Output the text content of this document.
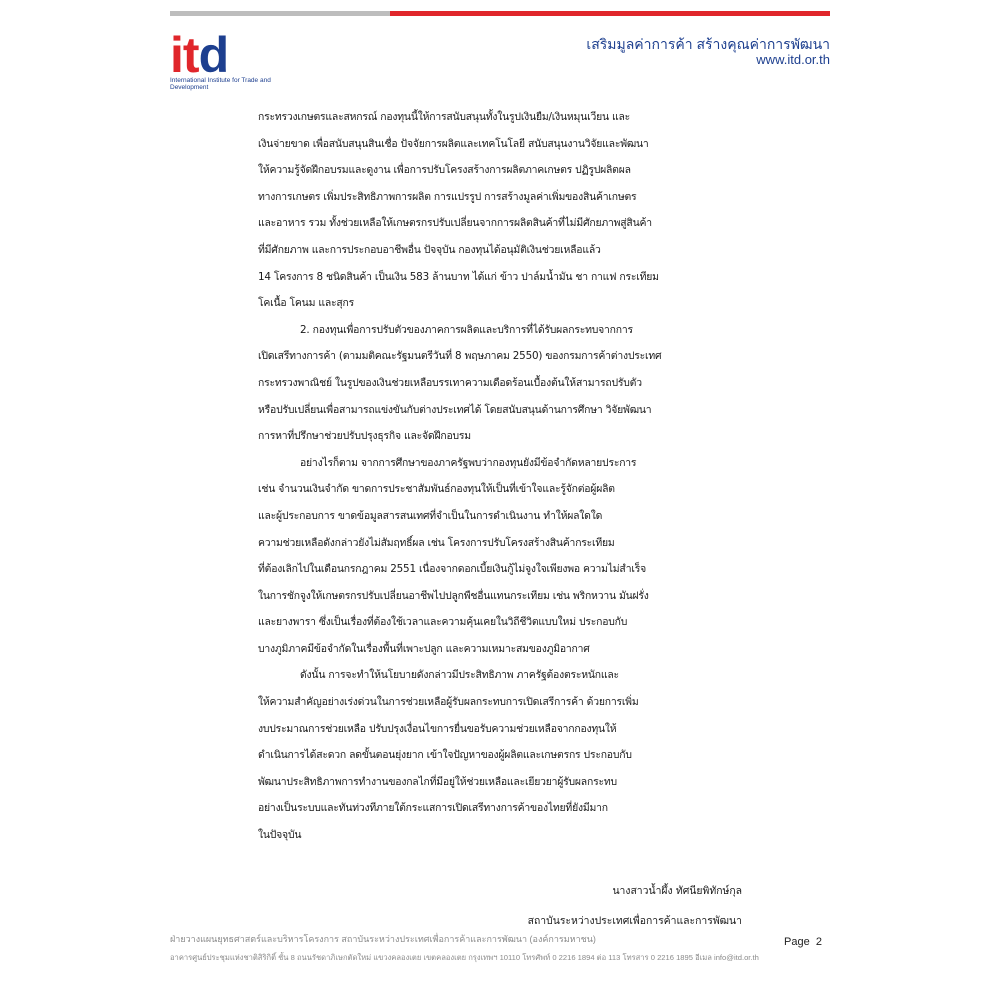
itd
International Institute for Trade and Development
เสริมมูลค่าการค้า สร้างคุณค่าการพัฒนา
www.itd.or.th

กระทรวงเกษตรและสหกรณ์ กองทุนนี้ให้การสนับสนุนทั้งในรูปเงินยืม/เงินหมุนเวียน และ

เงินจ่ายขาด เพื่อสนับสนุนสินเชื่อ ปัจจัยการผลิตและเทคโนโลยี สนับสนุนงานวิจัยและพัฒนา

ให้ความรู้จัดฝึกอบรมและดูงาน เพื่อการปรับโครงสร้างการผลิตภาคเกษตร ปฏิรูปผลิตผล

ทางการเกษตร เพิ่มประสิทธิภาพการผลิต การแปรรูป การสร้างมูลค่าเพิ่มของสินค้าเกษตร

และอาหาร รวม ทั้งช่วยเหลือให้เกษตรกรปรับเปลี่ยนจากการผลิตสินค้าที่ไม่มีศักยภาพสู่สินค้า

ที่มีศักยภาพ และการประกอบอาชีพอื่น ปัจจุบัน กองทุนได้อนุมัติเงินช่วยเหลือแล้ว

14 โครงการ 8 ชนิดสินค้า เป็นเงิน 583 ล้านบาท ได้แก่ ข้าว ปาล์มน้ำมัน ชา กาแฟ กระเทียม

โคเนื้อ โคนม และสุกร

2. กองทุนเพื่อการปรับตัวของภาคการผลิตและบริการที่ได้รับผลกระทบจากการ

เปิดเสรีทางการค้า (ตามมติคณะรัฐมนตรีวันที่ 8 พฤษภาคม 2550) ของกรมการค้าต่างประเทศ

กระทรวงพาณิชย์ ในรูปของเงินช่วยเหลือบรรเทาความเดือดร้อนเบื้องต้นให้สามารถปรับตัว

หรือปรับเปลี่ยนเพื่อสามารถแข่งขันกับต่างประเทศได้ โดยสนับสนุนด้านการศึกษา วิจัยพัฒนา

การหาที่ปรึกษาช่วยปรับปรุงธุรกิจ และจัดฝึกอบรม

อย่างไรก็ตาม จากการศึกษาของภาครัฐพบว่ากองทุนยังมีข้อจำกัดหลายประการ

เช่น จำนวนเงินจำกัด ขาดการประชาสัมพันธ์กองทุนให้เป็นที่เข้าใจและรู้จักต่อผู้ผลิต

และผู้ประกอบการ ขาดข้อมูลสารสนเทศที่จำเป็นในการดำเนินงาน ทำให้ผลใดใด

ความช่วยเหลือดังกล่าวยังไม่สัมฤทธิ์ผล เช่น โครงการปรับโครงสร้างสินค้ากระเทียม

ที่ต้องเลิกไปในเดือนกรกฎาคม 2551 เนื่องจากดอกเบี้ยเงินกู้ไม่จูงใจเพียงพอ ความไม่สำเร็จ

ในการชักจูงให้เกษตรกรปรับเปลี่ยนอาชีพไปปลูกพืชอื่นแทนกระเทียม เช่น พริกหวาน มันฝรั่ง

และยางพารา ซึ่งเป็นเรื่องที่ต้องใช้เวลาและความคุ้นเคยในวิถีชีวิตแบบใหม่ ประกอบกับ

บางภูมิภาคมีข้อจำกัดในเรื่องพื้นที่เพาะปลูก และความเหมาะสมของภูมิอากาศ

ดังนั้น การจะทำให้นโยบายดังกล่าวมีประสิทธิภาพ ภาครัฐต้องตระหนักและ

ให้ความสำคัญอย่างเร่งด่วนในการช่วยเหลือผู้รับผลกระทบการเปิดเสรีการค้า ด้วยการเพิ่ม

งบประมาณการช่วยเหลือ ปรับปรุงเงื่อนไขการยื่นขอรับความช่วยเหลือจากกองทุนให้

ดำเนินการได้สะดวก ลดขั้นตอนยุ่งยาก เข้าใจปัญหาของผู้ผลิตและเกษตรกร ประกอบกับ

พัฒนาประสิทธิภาพการทำงานของกลไกที่มีอยู่ให้ช่วยเหลือและเยียวยาผู้รับผลกระทบ

อย่างเป็นระบบและทันท่วงทีภายใต้กระแสการเปิดเสรีทางการค้าของไทยที่ยังมีมาก

ในปัจจุบัน

นางสาวน้ำผึ้ง ทัศนียพิทักษ์กุล
สถาบันระหว่างประเทศเพื่อการค้าและการพัฒนา
ฝ่ายวางแผนยุทธศาสตร์และบริหารโครงการ สถาบันระหว่างประเทศเพื่อการค้าและการพัฒนา (องค์การมหาชน)
อาคารศูนย์ประชุมแห่งชาติสิริกิติ์ ชั้น 8 ถนนรัชดาภิเษกตัดใหม่ แขวงคลองเตย เขตคลองเตย กรุงเทพฯ 10110 โทรศัพท์ 0 2216 1894 ต่อ 113 โทรสาร 0 2216 1895 อีเมล info@itd.or.th
Page 2
